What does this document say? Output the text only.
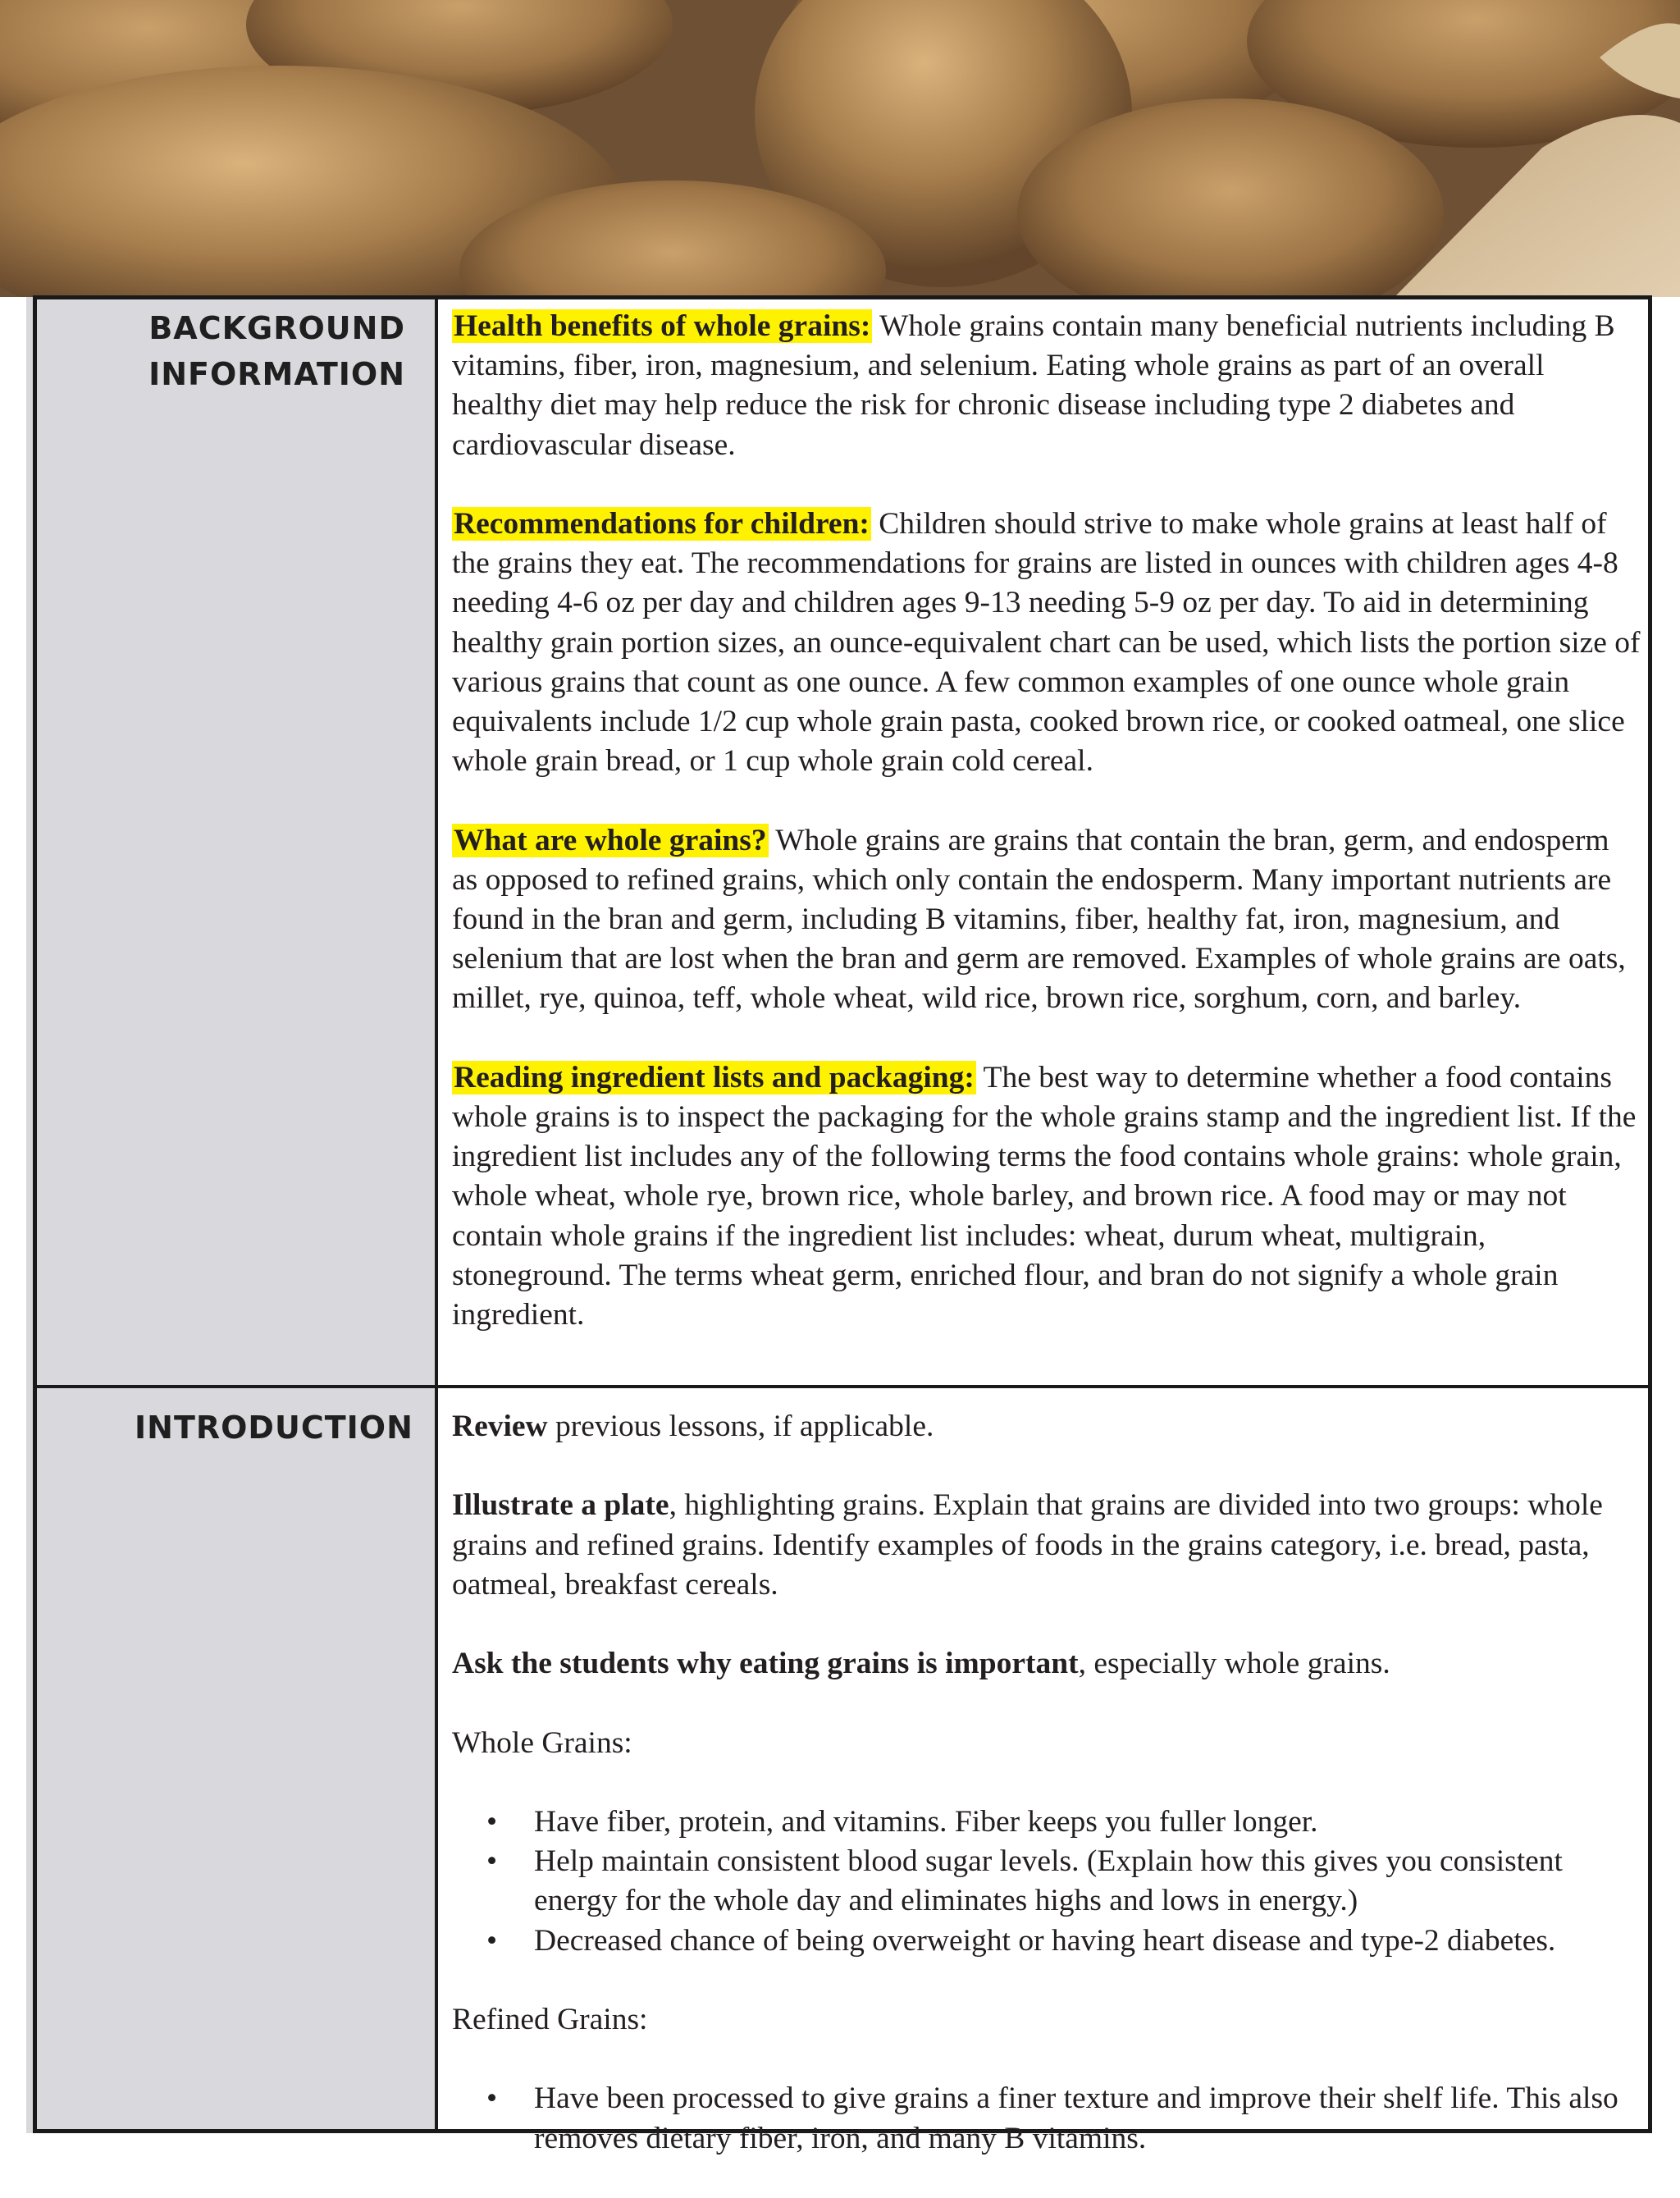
BACKGROUND
INFORMATION
INTRODUCTION

Health benefits of whole grains: Whole grains contain many beneficial nutrients including B vitamins, fiber, iron, magnesium, and selenium. Eating whole grains as part of an overall healthy diet may help reduce the risk for chronic disease including type 2 diabetes and cardiovascular disease.

Recommendations for children: Children should strive to make whole grains at least half of the grains they eat. The recommendations for grains are listed in ounces with children ages 4-8 needing 4-6 oz per day and children ages 9-13 needing 5-9 oz per day. To aid in determining healthy grain portion sizes, an ounce-equivalent chart can be used, which lists the portion size of various grains that count as one ounce. A few common examples of one ounce whole grain equivalents include 1/2 cup whole grain pasta, cooked brown rice, or cooked oatmeal, one slice whole grain bread, or 1 cup whole grain cold cereal.

What are whole grains? Whole grains are grains that contain the bran, germ, and endosperm as opposed to refined grains, which only contain the endosperm. Many important nutrients are found in the bran and germ, including B vitamins, fiber, healthy fat, iron, magnesium, and selenium that are lost when the bran and germ are removed. Examples of whole grains are oats, millet, rye, quinoa, teff, whole wheat, wild rice, brown rice, sorghum, corn, and barley.

Reading ingredient lists and packaging: The best way to determine whether a food contains whole grains is to inspect the packaging for the whole grains stamp and the ingredient list. If the ingredient list includes any of the following terms the food contains whole grains: whole grain, whole wheat, whole rye, brown rice, whole barley, and brown rice. A food may or may not contain whole grains if the ingredient list includes: wheat, durum wheat, multigrain, stoneground. The terms wheat germ, enriched flour, and bran do not signify a whole grain ingredient.

Review previous lessons, if applicable.

Illustrate a plate, highlighting grains. Explain that grains are divided into two groups: whole grains and refined grains. Identify examples of foods in the grains category, i.e. bread, pasta, oatmeal, breakfast cereals.

Ask the students why eating grains is important, especially whole grains.

Whole Grains:

• Have fiber, protein, and vitamins. Fiber keeps you fuller longer.
• Help maintain consistent blood sugar levels. (Explain how this gives you consistent energy for the whole day and eliminates highs and lows in energy.)
• Decreased chance of being overweight or having heart disease and type-2 diabetes.

Refined Grains:

• Have been processed to give grains a finer texture and improve their shelf life. This also removes dietary fiber, iron, and many B vitamins.
